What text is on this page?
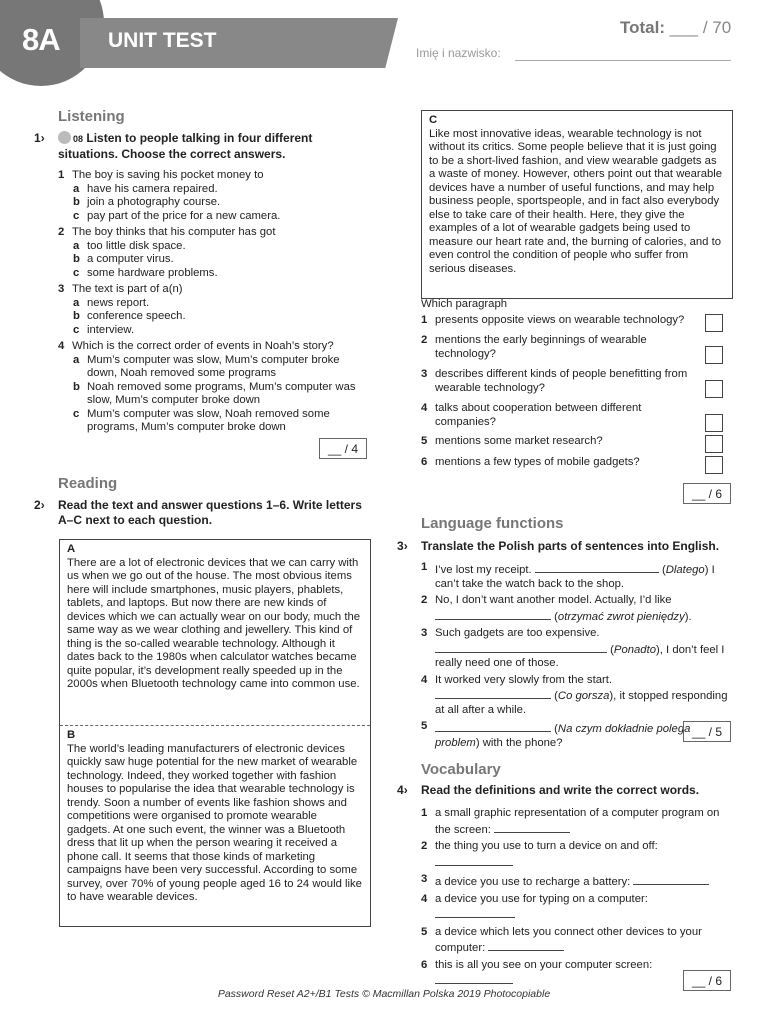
8A UNIT TEST
Total: ___ / 70
Imię i nazwisko:
Listening
1›	08 Listen to people talking in four different situations. Choose the correct answers.
1 The boy is saving his pocket money to
a have his camera repaired.
b join a photography course.
c pay part of the price for a new camera.
2 The boy thinks that his computer has got
a too little disk space.
b a computer virus.
c some hardware problems.
3 The text is part of a(n)
a news report.
b conference speech.
c interview.
4 Which is the correct order of events in Noah’s story?
a Mum’s computer was slow, Mum’s computer broke down, Noah removed some programs
b Noah removed some programs, Mum’s computer was slow, Mum’s computer broke down
c Mum’s computer was slow, Noah removed some programs, Mum’s computer broke down
__ / 4
Reading
2› Read the text and answer questions 1–6. Write letters A–C next to each question.
A
There are a lot of electronic devices that we can carry with us when we go out of the house. The most obvious items here will include smartphones, music players, phablets, tablets, and laptops. But now there are new kinds of devices which we can actually wear on our body, much the same way as we wear clothing and jewellery. This kind of thing is the so-called wearable technology. Although it dates back to the 1980s when calculator watches became quite popular, it’s development really speeded up in the 2000s when Bluetooth technology came into common use.
B
The world’s leading manufacturers of electronic devices quickly saw huge potential for the new market of wearable technology. Indeed, they worked together with fashion houses to popularise the idea that wearable technology is trendy. Soon a number of events like fashion shows and competitions were organised to promote wearable gadgets. At one such event, the winner was a Bluetooth dress that lit up when the person wearing it received a phone call. It seems that those kinds of marketing campaigns have been very successful. According to some survey, over 70% of young people aged 16 to 24 would like to have wearable devices.
C
Like most innovative ideas, wearable technology is not without its critics. Some people believe that it is just going to be a short-lived fashion, and view wearable gadgets as a waste of money. However, others point out that wearable devices have a number of useful functions, and may help business people, sportspeople, and in fact also everybody else to take care of their health. Here, they give the examples of a lot of wearable gadgets being used to measure our heart rate and, the burning of calories, and to even control the condition of people who suffer from serious diseases.
Which paragraph
1 presents opposite views on wearable technology?
2 mentions the early beginnings of wearable technology?
3 describes different kinds of people benefitting from wearable technology?
4 talks about cooperation between different companies?
5 mentions some market research?
6 mentions a few types of mobile gadgets?
__ / 6
Language functions
3› Translate the Polish parts of sentences into English.
1 I’ve lost my receipt.	(Dlatego) I can’t take the watch back to the shop.
2 No, I don’t want another model. Actually, I’d like  (otrzymać zwrot pieniędzy).
3 Such gadgets are too expensive.  (Ponadto), I don’t feel I really need one of those.
4 It worked very slowly from the start.  (Co gorsza), it stopped responding at all after a while.
5	(Na czym dokładnie polega problem) with the phone?
__ / 5
Vocabulary
4› Read the definitions and write the correct words.
1 a small graphic representation of a computer program on the screen:
2 the thing you use to turn a device on and off:
3 a device you use to recharge a battery:
4 a device you use for typing on a computer:
5 a device which lets you connect other devices to your computer:
6 this is all you see on your computer screen:
__ / 6
Password Reset A2+/B1 Tests © Macmillan Polska 2019 Photocopiable
